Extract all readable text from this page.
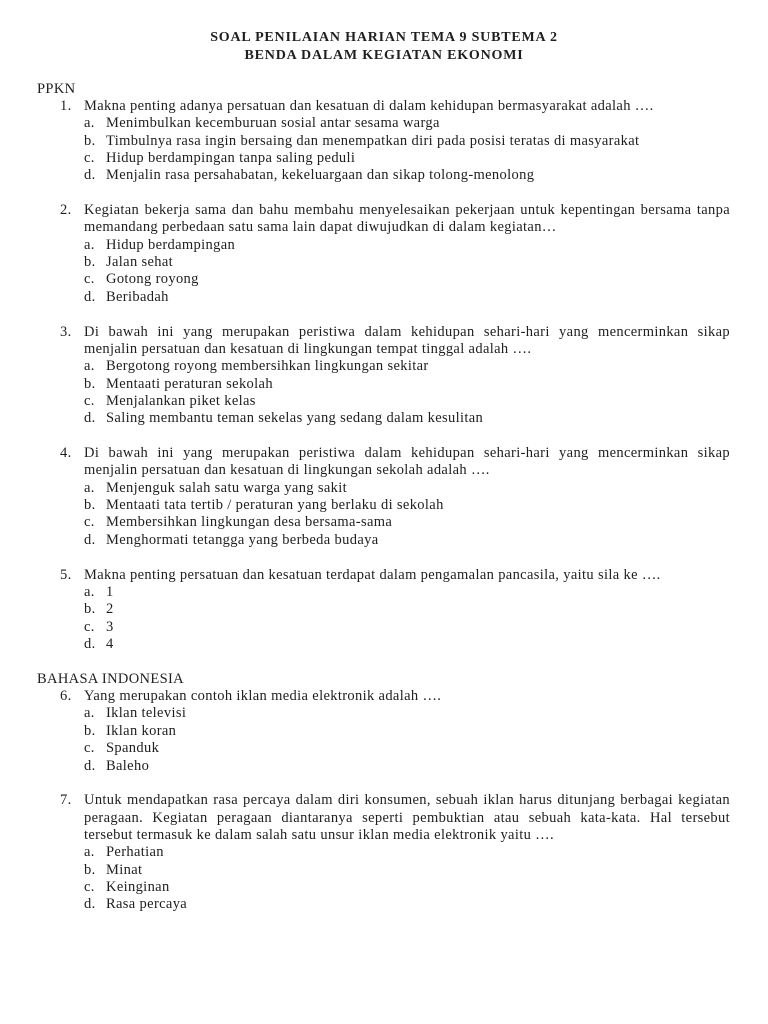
SOAL PENILAIAN HARIAN TEMA 9 SUBTEMA 2
BENDA DALAM KEGIATAN EKONOMI
PPKN
1. Makna penting adanya persatuan dan kesatuan di dalam kehidupan bermasyarakat adalah ….
a. Menimbulkan kecemburuan sosial antar sesama warga
b. Timbulnya rasa ingin bersaing dan menempatkan diri pada posisi teratas di masyarakat
c. Hidup berdampingan tanpa saling peduli
d. Menjalin rasa persahabatan, kekeluargaan dan sikap tolong-menolong
2. Kegiatan bekerja sama dan bahu membahu menyelesaikan pekerjaan untuk kepentingan bersama tanpa
memandang perbedaan satu sama lain dapat diwujudkan di dalam kegiatan…
a. Hidup berdampingan
b. Jalan sehat
c. Gotong royong
d. Beribadah
3. Di bawah ini yang merupakan peristiwa dalam kehidupan sehari-hari yang mencerminkan sikap
menjalin persatuan dan kesatuan di lingkungan tempat tinggal adalah ….
a. Bergotong royong membersihkan lingkungan sekitar
b. Mentaati peraturan sekolah
c. Menjalankan piket kelas
d. Saling membantu teman sekelas yang sedang dalam kesulitan
4. Di bawah ini yang merupakan peristiwa dalam kehidupan sehari-hari yang mencerminkan sikap
menjalin persatuan dan kesatuan di lingkungan sekolah adalah ….
a. Menjenguk salah satu warga yang sakit
b. Mentaati tata tertib / peraturan yang berlaku di sekolah
c. Membersihkan lingkungan desa bersama-sama
d. Menghormati tetangga yang berbeda budaya
5. Makna penting persatuan dan kesatuan terdapat dalam pengamalan pancasila, yaitu sila ke ….
a. 1
b. 2
c. 3
d. 4
BAHASA INDONESIA
6. Yang merupakan contoh iklan media elektronik adalah ….
a. Iklan televisi
b. Iklan koran
c. Spanduk
d. Baleho
7. Untuk mendapatkan rasa percaya dalam diri konsumen, sebuah iklan harus ditunjang berbagai kegiatan
peragaan. Kegiatan peragaan diantaranya seperti pembuktian atau sebuah kata-kata. Hal tersebut
tersebut termasuk ke dalam salah satu unsur iklan media elektronik yaitu ….
a. Perhatian
b. Minat
c. Keinginan
d. Rasa percaya
